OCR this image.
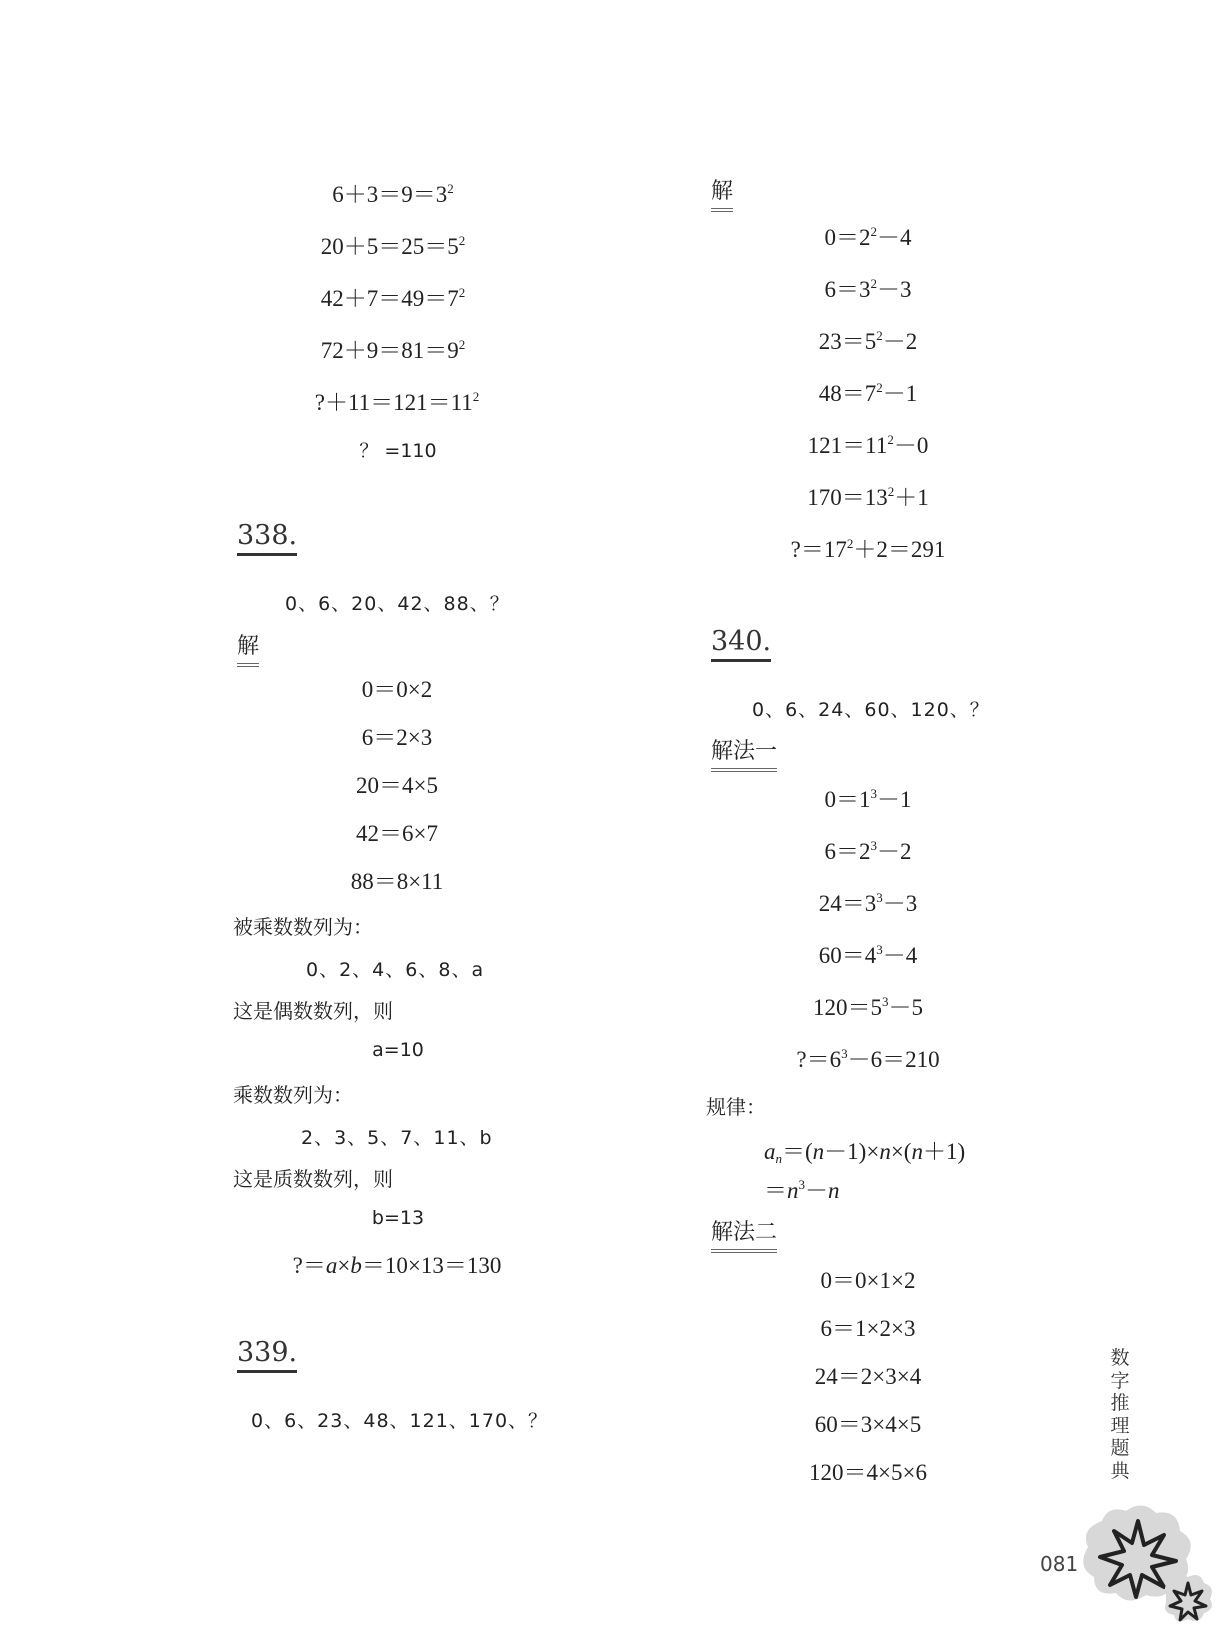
$6+3=9=3^2$
$20+5=25=5^2$
$42+7=49=7^2$
$72+9=81=9^2$
$?+11=121=11^2$
？ =110
338.
0、6、20、42、88、？
解
0＝0×2
6＝2×3
20＝4×5
42＝6×7
88＝8×11
被乘数数列为：
0、2、4、6、8、a
这是偶数数列，则
a=10
乘数数列为：
2、3、5、7、11、b
这是质数数列，则
b=13
?＝a×b＝10×13＝130
339.
0、6、23、48、121、170、？
解
$0=2^2-4$
$6=3^2-3$
$23=5^2-2$
$48=7^2-1$
$121=11^2-0$
$170=13^2+1$
$?=17^2+2=291$
340.
0、6、24、60、120、？
解法一
$0=1^3-1$
$6=2^3-2$
$24=3^3-3$
$60=4^3-4$
$120=5^3-5$
$?=6^3-6=210$
规律：
$a_n=(n-1)\times n\times(n+1)$
$=n^3-n$
解法二
0＝0×1×2
6＝1×2×3
24＝2×3×4
60＝3×4×5
120＝4×5×6
数
字
推
理
题
典
081
